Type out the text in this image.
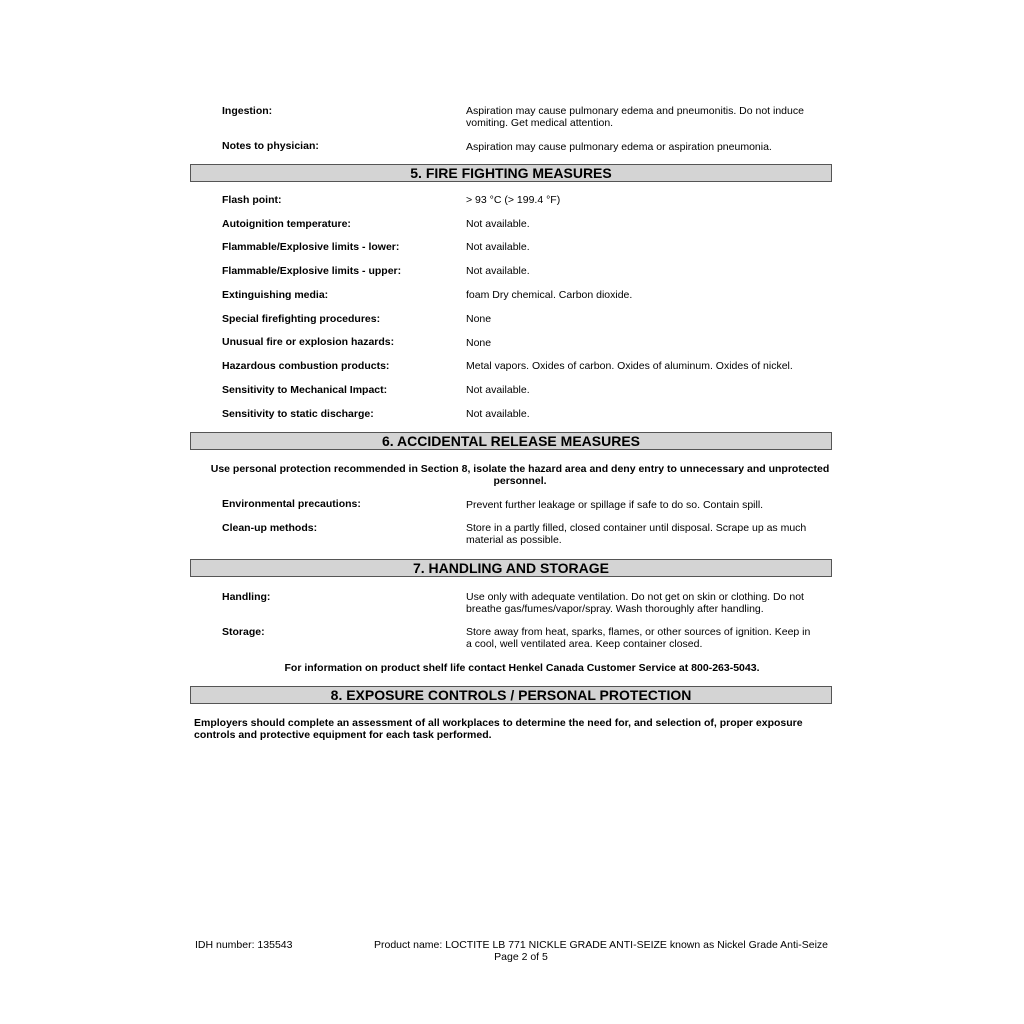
Ingestion:	Aspiration may cause pulmonary edema and pneumonitis. Do not induce vomiting. Get medical attention.
Notes to physician:	Aspiration may cause pulmonary edema or aspiration pneumonia.
5. FIRE FIGHTING MEASURES
Flash point:	> 93 °C (> 199.4 °F)
Autoignition temperature:	Not available.
Flammable/Explosive limits - lower:	Not available.
Flammable/Explosive limits - upper:	Not available.
Extinguishing media:	foam Dry chemical. Carbon dioxide.
Special firefighting procedures:	None
Unusual fire or explosion hazards:	None
Hazardous combustion products:	Metal vapors. Oxides of carbon. Oxides of aluminum. Oxides of nickel.
Sensitivity to Mechanical Impact:	Not available.
Sensitivity to static discharge:	Not available.
6. ACCIDENTAL RELEASE MEASURES
Use personal protection recommended in Section 8, isolate the hazard area and deny entry to unnecessary and unprotected
personnel.
Environmental precautions:	Prevent further leakage or spillage if safe to do so. Contain spill.
Clean-up methods:	Store in a partly filled, closed container until disposal. Scrape up as much material as possible.
7. HANDLING AND STORAGE
Handling:	Use only with adequate ventilation. Do not get on skin or clothing. Do not breathe gas/fumes/vapor/spray. Wash thoroughly after handling.
Storage:	Store away from heat, sparks, flames, or other sources of ignition. Keep in a cool, well ventilated area. Keep container closed.
For information on product shelf life contact Henkel Canada Customer Service at 800-263-5043.
8. EXPOSURE CONTROLS / PERSONAL PROTECTION
Employers should complete an assessment of all workplaces to determine the need for, and selection of, proper exposure controls and protective equipment for each task performed.
IDH number: 135543	Product name: LOCTITE LB 771 NICKLE GRADE ANTI-SEIZE known as Nickel Grade Anti-Seize
Page 2 of 5
